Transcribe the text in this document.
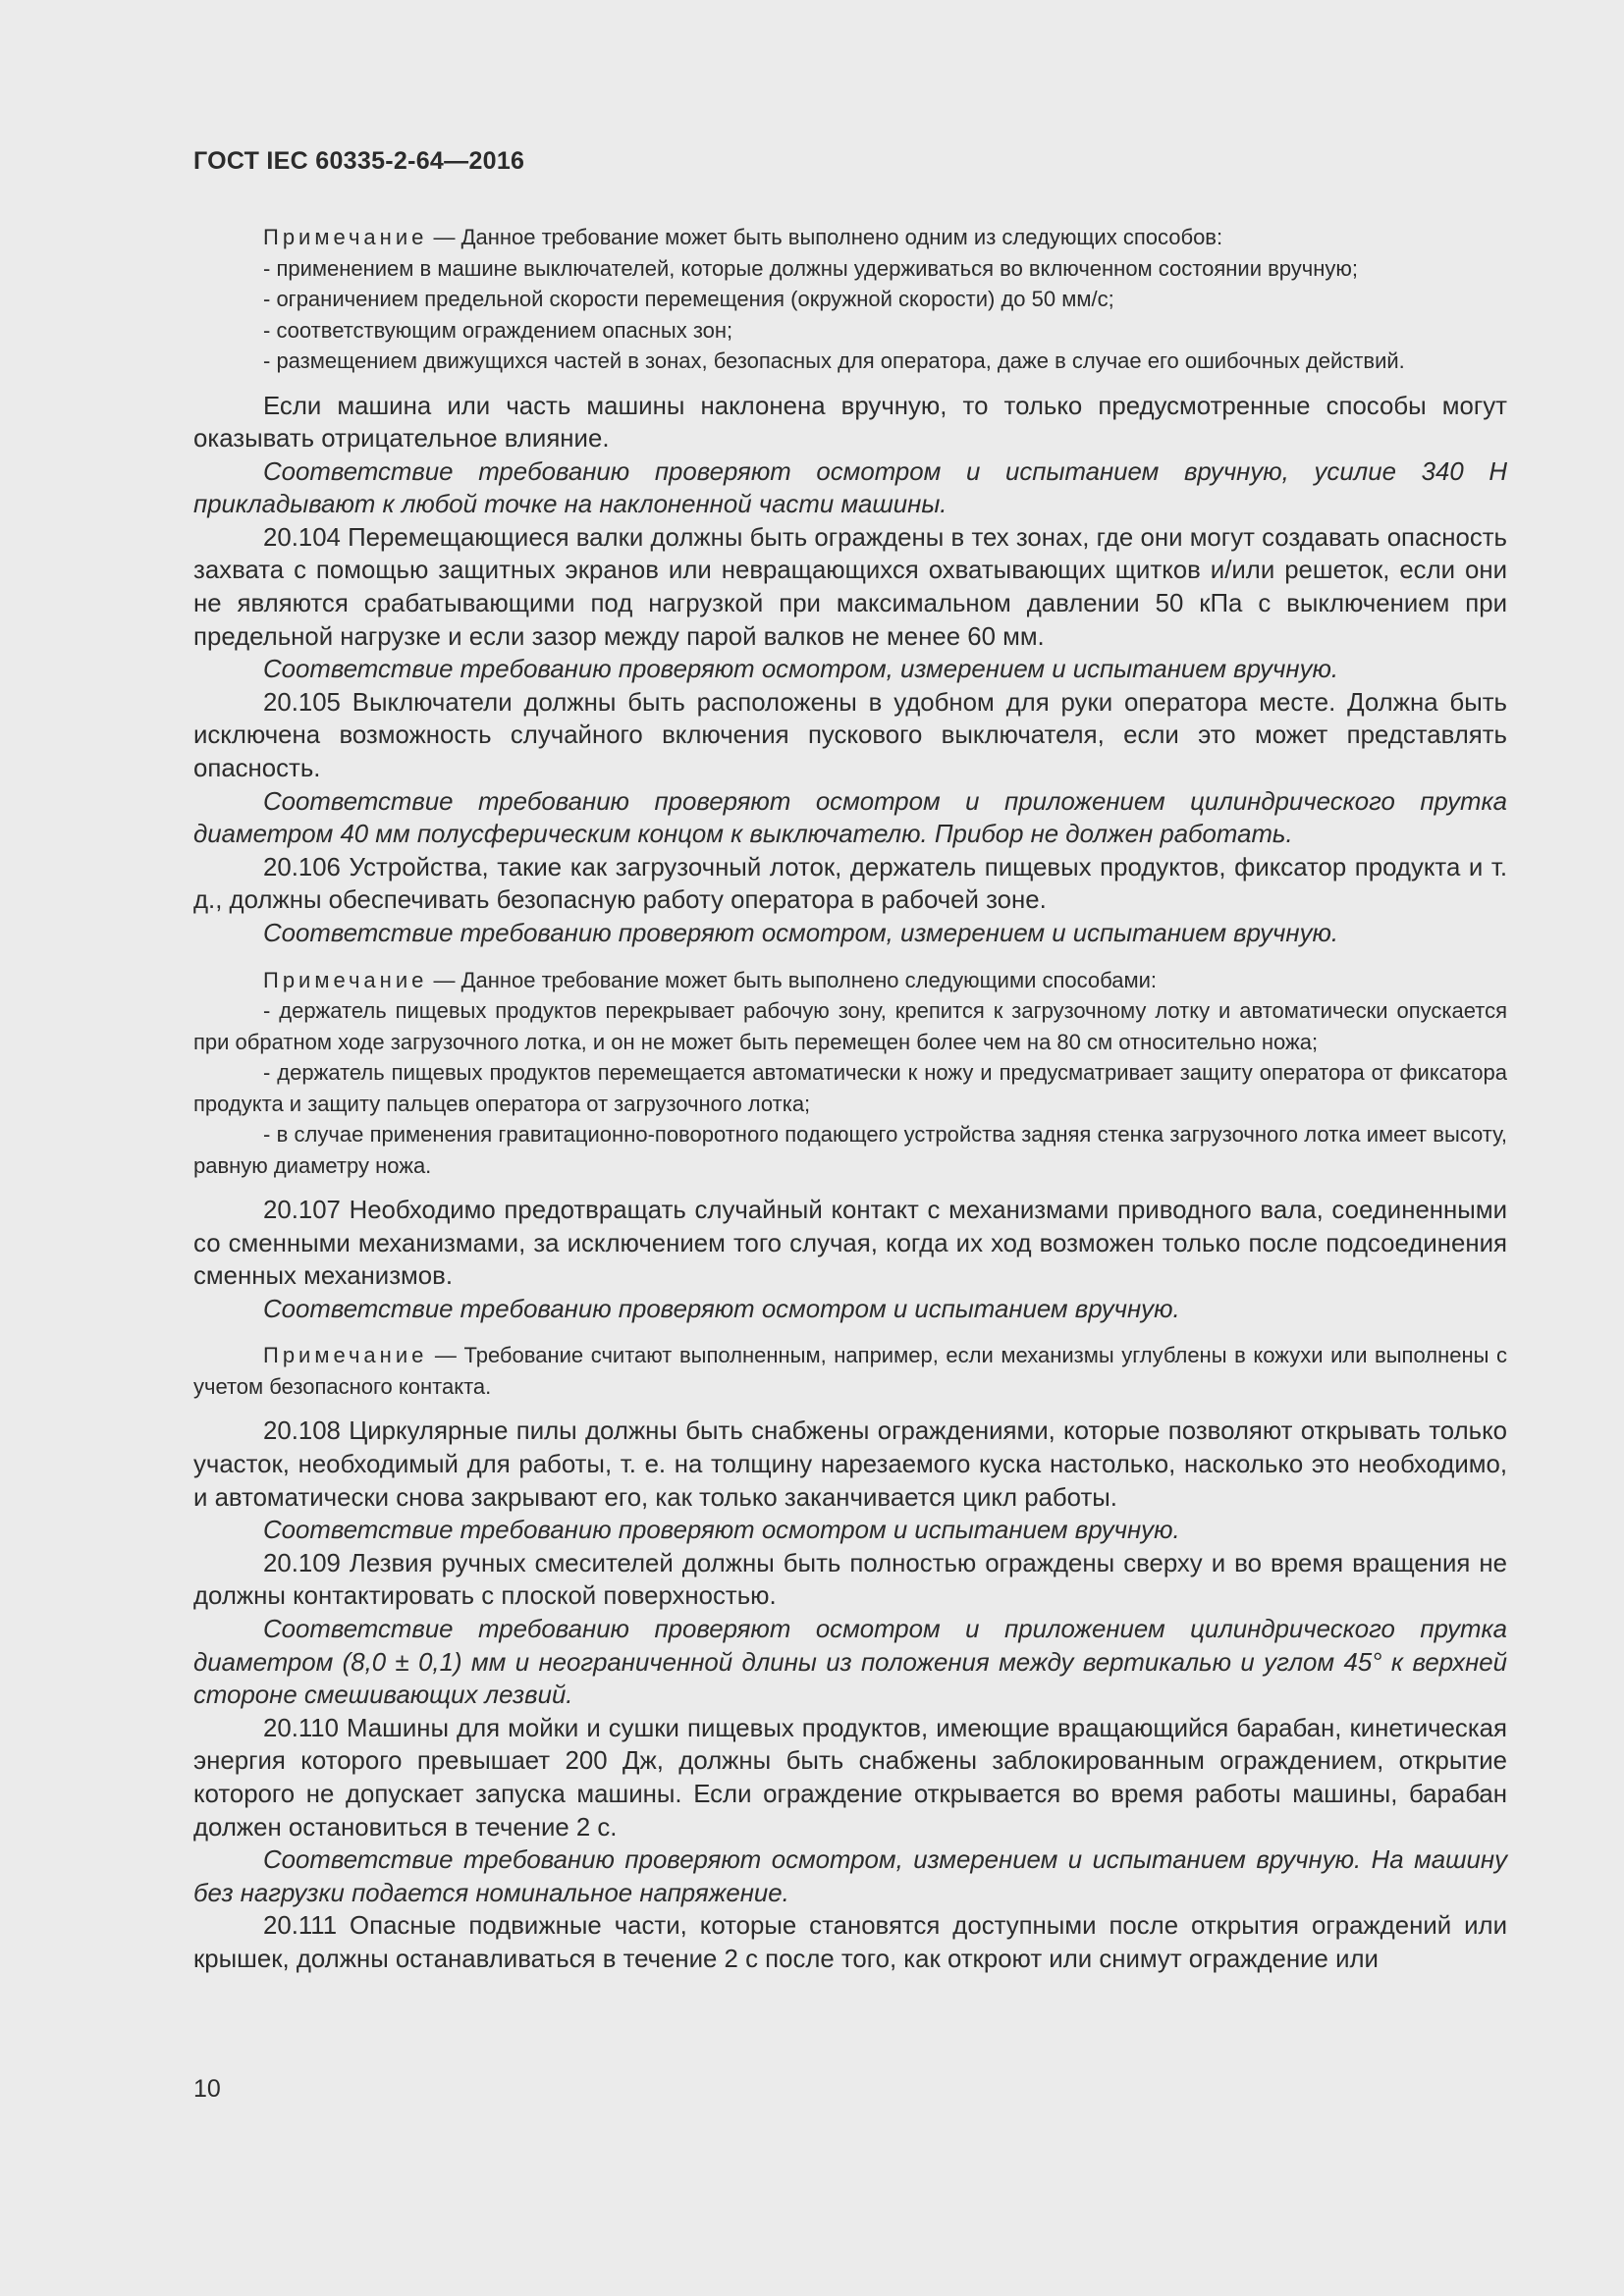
ГОСТ IEC 60335-2-64—2016

Примечание — Данное требование может быть выполнено одним из следующих способов:

- применением в машине выключателей, которые должны удерживаться во включенном состоянии вручную;

- ограничением предельной скорости перемещения (окружной скорости) до 50 мм/с;

- соответствующим ограждением опасных зон;

- размещением движущихся частей в зонах, безопасных для оператора, даже в случае его ошибочных действий.

Если машина или часть машины наклонена вручную, то только предусмотренные способы могут оказывать отрицательное влияние.

Соответствие требованию проверяют осмотром и испытанием вручную, усилие 340 Н прикладывают к любой точке на наклоненной части машины.

20.104 Перемещающиеся валки должны быть ограждены в тех зонах, где они могут создавать опасность захвата с помощью защитных экранов или невращающихся охватывающих щитков и/или решеток, если они не являются срабатывающими под нагрузкой при максимальном давлении 50 кПа с выключением при предельной нагрузке и если зазор между парой валков не менее 60 мм.

Соответствие требованию проверяют осмотром, измерением и испытанием вручную.

20.105 Выключатели должны быть расположены в удобном для руки оператора месте. Должна быть исключена возможность случайного включения пускового выключателя, если это может представлять опасность.

Соответствие требованию проверяют осмотром и приложением цилиндрического прутка диаметром 40 мм полусферическим концом к выключателю. Прибор не должен работать.

20.106 Устройства, такие как загрузочный лоток, держатель пищевых продуктов, фиксатор продукта и т. д., должны обеспечивать безопасную работу оператора в рабочей зоне.

Соответствие требованию проверяют осмотром, измерением и испытанием вручную.

Примечание — Данное требование может быть выполнено следующими способами:

- держатель пищевых продуктов перекрывает рабочую зону, крепится к загрузочному лотку и автоматически опускается при обратном ходе загрузочного лотка, и он не может быть перемещен более чем на 80 см относительно ножа;

- держатель пищевых продуктов перемещается автоматически к ножу и предусматривает защиту оператора от фиксатора продукта и защиту пальцев оператора от загрузочного лотка;

- в случае применения гравитационно-поворотного подающего устройства задняя стенка загрузочного лотка имеет высоту, равную диаметру ножа.

20.107 Необходимо предотвращать случайный контакт с механизмами приводного вала, соединенными со сменными механизмами, за исключением того случая, когда их ход возможен только после подсоединения сменных механизмов.

Соответствие требованию проверяют осмотром и испытанием вручную.

Примечание — Требование считают выполненным, например, если механизмы углублены в кожухи или выполнены с учетом безопасного контакта.

20.108 Циркулярные пилы должны быть снабжены ограждениями, которые позволяют открывать только участок, необходимый для работы, т. е. на толщину нарезаемого куска настолько, насколько это необходимо, и автоматически снова закрывают его, как только заканчивается цикл работы.

Соответствие требованию проверяют осмотром и испытанием вручную.

20.109 Лезвия ручных смесителей должны быть полностью ограждены сверху и во время вращения не должны контактировать с плоской поверхностью.

Соответствие требованию проверяют осмотром и приложением цилиндрического прутка диаметром (8,0 ± 0,1) мм и неограниченной длины из положения между вертикалью и углом 45° к верхней стороне смешивающих лезвий.

20.110 Машины для мойки и сушки пищевых продуктов, имеющие вращающийся барабан, кинетическая энергия которого превышает 200 Дж, должны быть снабжены заблокированным ограждением, открытие которого не допускает запуска машины. Если ограждение открывается во время работы машины, барабан должен остановиться в течение 2 с.

Соответствие требованию проверяют осмотром, измерением и испытанием вручную. На машину без нагрузки подается номинальное напряжение.

20.111 Опасные подвижные части, которые становятся доступными после открытия ограждений или крышек, должны останавливаться в течение 2 с после того, как откроют или снимут ограждение или

10
